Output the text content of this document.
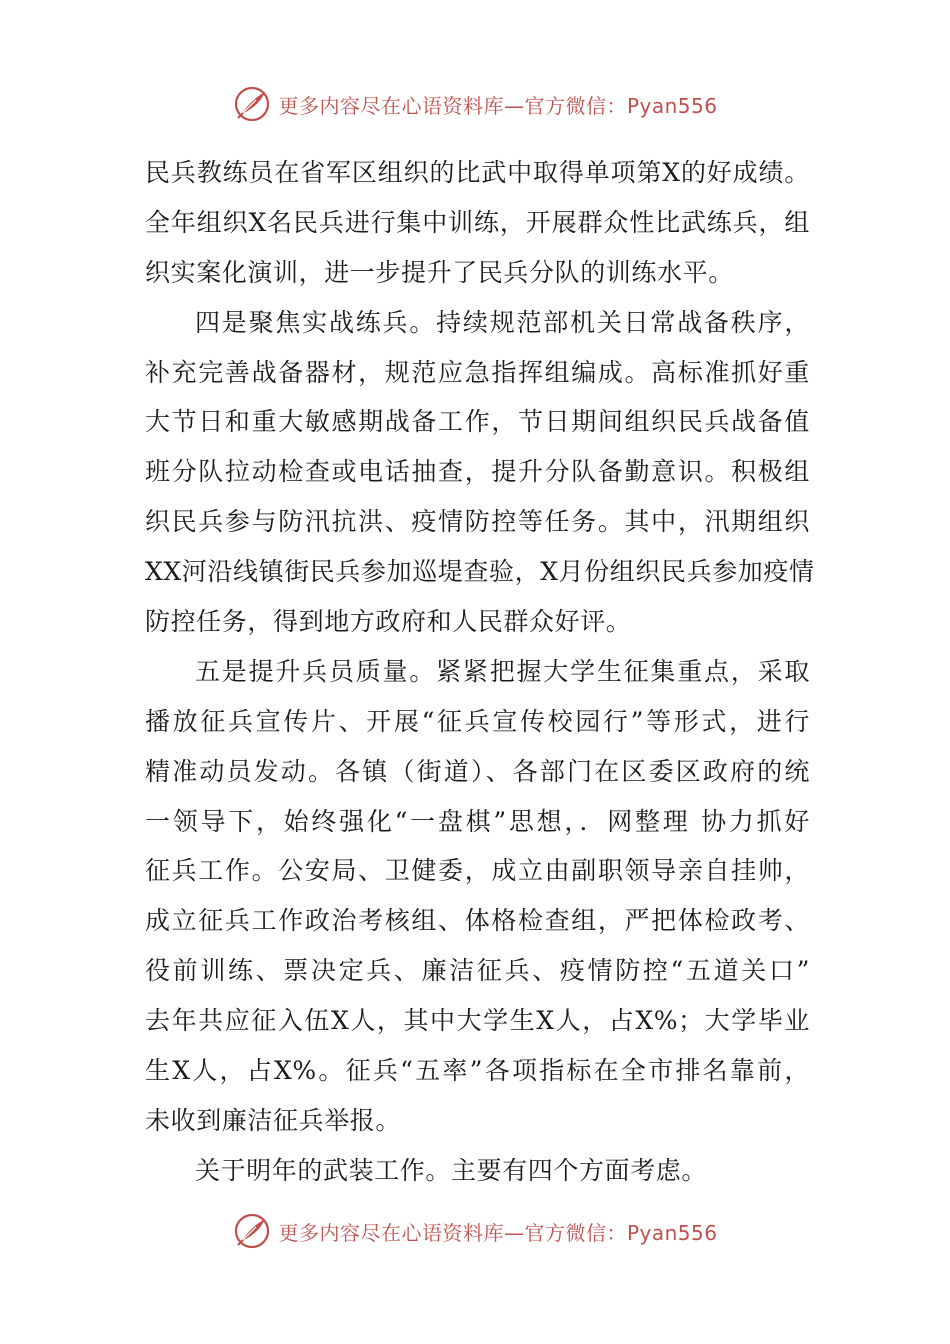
更多内容尽在心语资料库—官方微信：Pyan556
民兵教练员在省军区组织的比武中取得单项第X的好成绩。
全年组织X名民兵进行集中训练，开展群众性比武练兵，组
织实案化演训，进一步提升了民兵分队的训练水平。
四是聚焦实战练兵。持续规范部机关日常战备秩序，
补充完善战备器材，规范应急指挥组编成。高标准抓好重
大节日和重大敏感期战备工作，节日期间组织民兵战备值
班分队拉动检查或电话抽查，提升分队备勤意识。积极组
织民兵参与防汛抗洪、疫情防控等任务。其中，汛期组织
XX河沿线镇街民兵参加巡堤查验，X月份组织民兵参加疫情
防控任务，得到地方政府和人民群众好评。
五是提升兵员质量。紧紧把握大学生征集重点，采取
播放征兵宣传片、开展“征兵宣传校园行”等形式，进行
精准动员发动。各镇（街道）、各部门在区委区政府的统
一领导下，始终强化“一盘棋”思想，．网整理 协力抓好
征兵工作。公安局、卫健委，成立由副职领导亲自挂帅，
成立征兵工作政治考核组、体格检查组，严把体检政考、
役前训练、票决定兵、廉洁征兵、疫情防控“五道关口”
去年共应征入伍X人，其中大学生X人，占X%；大学毕业
生X人，占X%。征兵“五率”各项指标在全市排名靠前，
未收到廉洁征兵举报。
关于明年的武装工作。主要有四个方面考虑。
更多内容尽在心语资料库—官方微信：Pyan556
